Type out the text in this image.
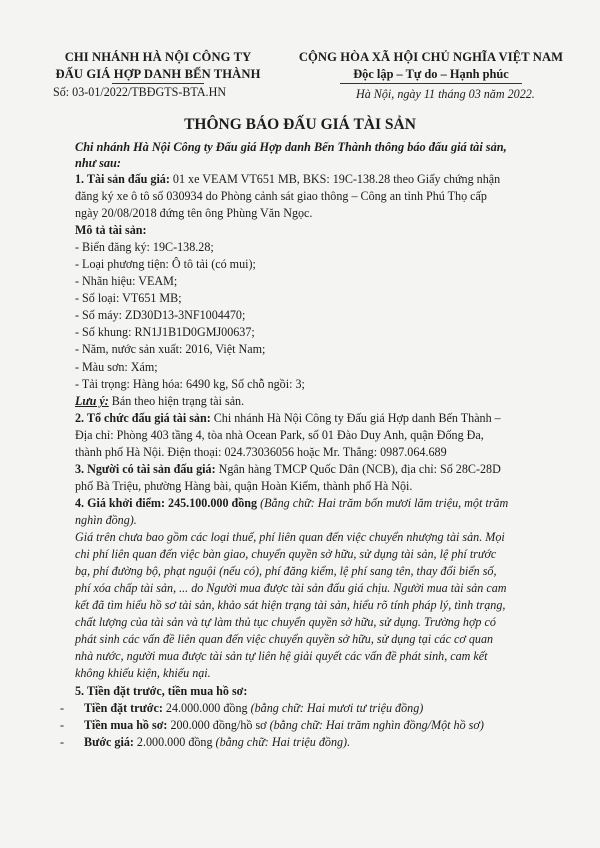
CHI NHÁNH HÀ NỘI CÔNG TY
ĐẤU GIÁ HỢP DANH BẾN THÀNH
Số: 03-01/2022/TBĐGTS-BTA.HN
CỘNG HÒA XÃ HỘI CHỦ NGHĨA VIỆT NAM
Độc lập – Tự do – Hạnh phúc
Hà Nội, ngày 11 tháng 03 năm 2022.
THÔNG BÁO ĐẤU GIÁ TÀI SẢN
Chi nhánh Hà Nội Công ty Đấu giá Hợp danh Bến Thành thông báo đấu giá tài sản,
như sau:
1. Tài sản đấu giá: 01 xe VEAM VT651 MB, BKS: 19C-138.28 theo Giấy chứng nhận
đăng ký xe ô tô số 030934 do Phòng cảnh sát giao thông – Công an tỉnh Phú Thọ cấp
ngày 20/08/2018 đứng tên ông Phùng Văn Ngọc.
Mô tả tài sản:
- Biển đăng ký: 19C-138.28;
- Loại phương tiện: Ô tô tải (có mui);
- Nhãn hiệu: VEAM;
- Số loại: VT651 MB;
- Số máy: ZD30D13-3NF1004470;
- Số khung: RN1J1B1D0GMJ00637;
- Năm, nước sản xuất: 2016, Việt Nam;
- Màu sơn: Xám;
- Tải trọng: Hàng hóa: 6490 kg, Số chỗ ngồi: 3;
Lưu ý: Bán theo hiện trạng tài sản.
2. Tổ chức đấu giá tài sản: Chi nhánh Hà Nội Công ty Đấu giá Hợp danh Bến Thành –
Địa chỉ: Phòng 403 tầng 4, tòa nhà Ocean Park, số 01 Đào Duy Anh, quận Đống Đa,
thành phố Hà Nội. Điện thoại: 024.73036056 hoặc Mr. Thắng: 0987.064.689
3. Người có tài sản đấu giá: Ngân hàng TMCP Quốc Dân (NCB), địa chỉ: Số 28C-28D
phố Bà Triệu, phường Hàng bài, quận Hoàn Kiếm, thành phố Hà Nội.
4. Giá khởi điểm: 245.100.000 đồng (Bằng chữ: Hai trăm bốn mươi lăm triệu, một trăm
nghìn đồng).
Giá trên chưa bao gồm các loại thuế, phí liên quan đến việc chuyển nhượng tài sản. Mọi
chi phí liên quan đến việc bàn giao, chuyển quyền sở hữu, sử dụng tài sản, lệ phí trước
bạ, phí đường bộ, phạt nguội (nếu có), phí đăng kiểm, lệ phí sang tên, thay đổi biển số,
phí xóa chấp tài sản, ... do Người mua được tài sản đấu giá chịu. Người mua tài sản cam
kết đã tìm hiểu hồ sơ tài sản, khảo sát hiện trạng tài sản, hiểu rõ tính pháp lý, tình trạng,
chất lượng của tài sản và tự làm thủ tục chuyển quyền sở hữu, sử dụng. Trường hợp có
phát sinh các vấn đề liên quan đến việc chuyển quyền sở hữu, sử dụng tại các cơ quan
nhà nước, người mua được tài sản tự liên hệ giải quyết các vấn đề phát sinh, cam kết
không khiếu kiện, khiếu nại.
5. Tiền đặt trước, tiền mua hồ sơ:
- Tiền đặt trước: 24.000.000 đồng (bằng chữ: Hai mươi tư triệu đồng)
- Tiền mua hồ sơ: 200.000 đồng/hồ sơ (bằng chữ: Hai trăm nghìn đồng/Một hồ sơ)
- Bước giá: 2.000.000 đồng (bằng chữ: Hai triệu đồng).
